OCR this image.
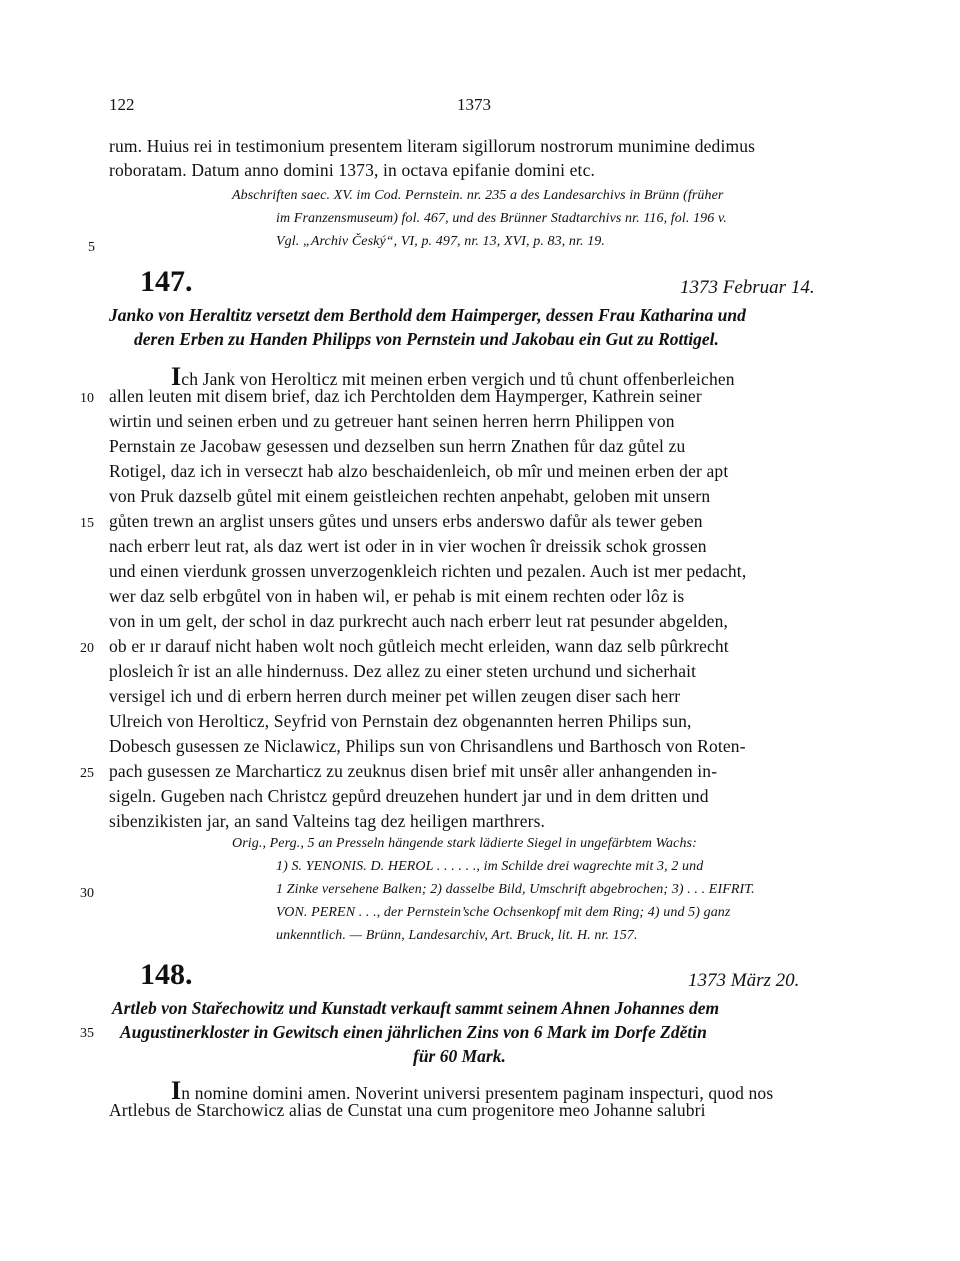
122	1373
rum. Huius rei in testimonium presentem literam sigillorum nostrorum munimine dedimus
roboratam. Datum anno domini 1373, in octava epifanie domini etc.
Abschriften saec. XV. im Cod. Pernstein. nr. 235 a des Landesarchivs in Brünn (früher
im Franzensmuseum) fol. 467, und des Brünner Stadtarchivs nr. 116, fol. 196 v.
Vgl. „Archiv Český“, VI, p. 497, nr. 13, XVI, p. 83, nr. 19.
147.	1373 Februar 14.
Janko von Heraltitz versetzt dem Berthold dem Haimperger, dessen Frau Katharina und
deren Erben zu Handen Philipps von Pernstein und Jakobau ein Gut zu Rottigel.
Ich Jank von Herolticz mit meinen erben vergich und tů chunt offenberleichen
allen leuten mit disem brief, daz ich Perchtolden dem Haymperger, Kathrein seiner
wirtin und seinen erben und zu getreuer hant seinen herren herrn Philippen von
Pernstain ze Jacobaw gesessen und dezselben sun herrn Znathen fůr daz gůtel zu
Rotigel, daz ich in verseczt hab alzo beschaidenleich, ob mîr und meinen erben der apt
von Pruk dazselb gůtel mit einem geistleichen rechten anpehabt, geloben mit unsern
gůten trewn an arglist unsers gůtes und unsers erbs anderswo dafůr als tewer geben
nach erberr leut rat, als daz wert ist oder in in vier wochen îr dreissik schok grossen
und einen vierdunk grossen unverzogenkleich richten und pezalen. Auch ist mer pedacht,
wer daz selb erbgůtel von in haben wil, er pehab is mit einem rechten oder lôz is
von in um gelt, der schol in daz purkrecht auch nach erberr leut rat pesunder abgelden,
ob er ır darauf nicht haben wolt noch gůtleich mecht erleiden, wann daz selb pûrkrecht
plosleich îr ist an alle hindernuss. Dez allez zu einer steten urchund und sicherhait
versigel ich und di erbern herren durch meiner pet willen zeugen diser sach herr
Ulreich von Herolticz, Seyfrid von Pernstain dez obgenannten herren Philips sun,
Dobesch gusessen ze Niclawicz, Philips sun von Chrisandlens und Barthosch von Roten-
pach gusessen ze Marcharticz zu zeuknus disen brief mit unsȇr aller anhangenden in-
sigeln. Gugeben nach Christcz gepůrd dreuzehen hundert jar und in dem dritten und
sibenzikisten jar, an sand Valteins tag dez heiligen marthrers.
Orig., Perg., 5 an Presseln hängende stark lädierte Siegel in ungefärbtem Wachs:
1) S. YENONIS. D. HEROL . . . . . ., im Schilde drei wagrechte mit 3, 2 und
1 Zinke versehene Balken; 2) dasselbe Bild, Umschrift abgebrochen; 3) . . . EIFRIT.
VON. PEREN . . ., der Pernstein’sche Ochsenkopf mit dem Ring; 4) und 5) ganz
unkenntlich. — Brünn, Landesarchiv, Art. Bruck, lit. H. nr. 157.
148.	1373 März 20.
Artleb von Stařechowitz und Kunstadt verkauft sammt seinem Ahnen Johannes dem
Augustinerkloster in Gewitsch einen jährlichen Zins von 6 Mark im Dorfe Zdětin
für 60 Mark.
In nomine domini amen. Noverint universi presentem paginam inspecturi, quod nos
Artlebus de Starchowicz alias de Cunstat una cum progenitore meo Johanne salubri
5
10
15
20
25
30
35
